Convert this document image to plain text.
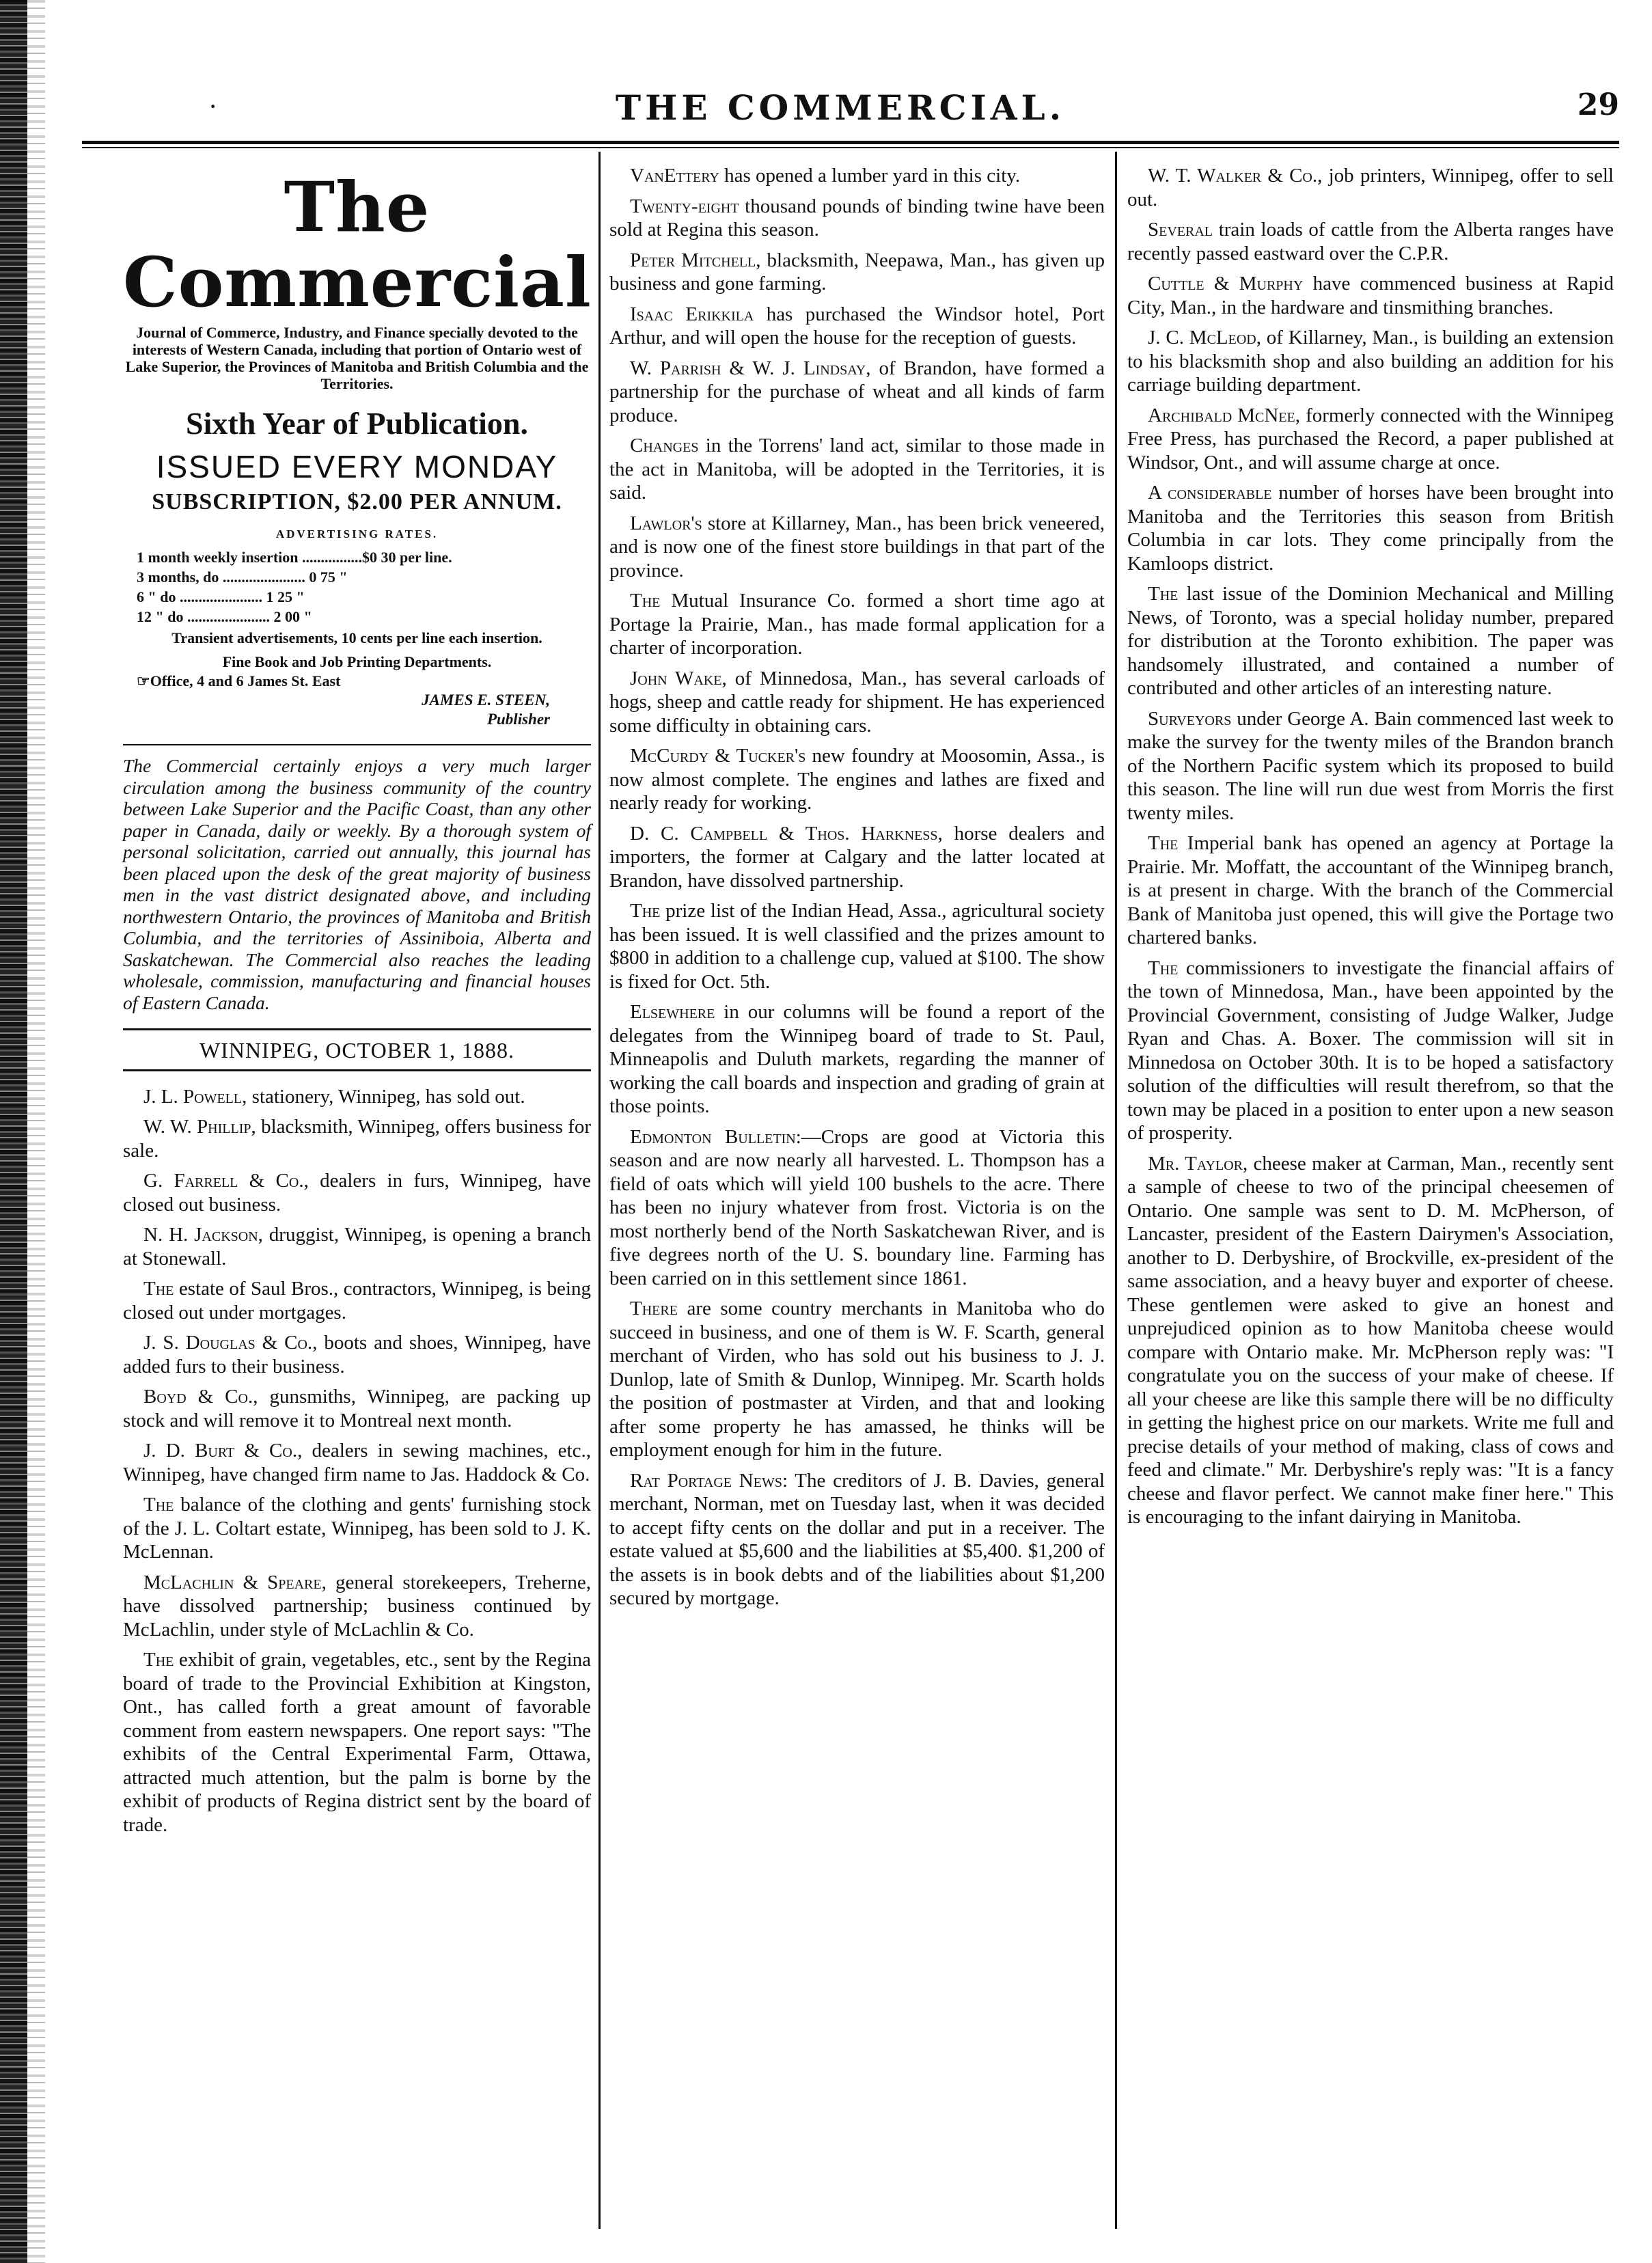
·	THE COMMERCIAL.	29
The Commercial
Journal of Commerce, Industry, and Finance specially devoted to the interests of Western Canada, including that portion of Ontario west of Lake Superior, the Provinces of Manitoba and British Columbia and the Territories.
Sixth Year of Publication.
ISSUED EVERY MONDAY
SUBSCRIPTION, $2.00 PER ANNUM.
ADVERTISING RATES.
1 month weekly insertion ................$0 30 per line.
3 months, do ...................... 0 75 "
6 " do ...................... 1 25 "
12 " do ...................... 2 00 "
Transient advertisements, 10 cents per line each insertion.
Fine Book and Job Printing Departments.
☞Office, 4 and 6 James St. East
JAMES E. STEEN,
Publisher
The Commercial certainly enjoys a very much larger circulation among the business community of the country between Lake Superior and the Pacific Coast, than any other paper in Canada, daily or weekly. By a thorough system of personal solicitation, carried out annually, this journal has been placed upon the desk of the great majority of business men in the vast district designated above, and including northwestern Ontario, the provinces of Manitoba and British Columbia, and the territories of Assiniboia, Alberta and Saskatchewan. The Commercial also reaches the leading wholesale, commission, manufacturing and financial houses of Eastern Canada.
WINNIPEG, OCTOBER 1, 1888.

J. L. Powell, stationery, Winnipeg, has sold out.

W. W. Phillip, blacksmith, Winnipeg, offers business for sale.

G. Farrell & Co., dealers in furs, Winnipeg, have closed out business.

N. H. Jackson, druggist, Winnipeg, is opening a branch at Stonewall.

The estate of Saul Bros., contractors, Winnipeg, is being closed out under mortgages.

J. S. Douglas & Co., boots and shoes, Winnipeg, have added furs to their business.

Boyd & Co., gunsmiths, Winnipeg, are packing up stock and will remove it to Montreal next month.

J. D. Burt & Co., dealers in sewing machines, etc., Winnipeg, have changed firm name to Jas. Haddock & Co.

The balance of the clothing and gents' furnishing stock of the J. L. Coltart estate, Winnipeg, has been sold to J. K. McLennan.

McLachlin & Speare, general storekeepers, Treherne, have dissolved partnership; business continued by McLachlin, under style of McLachlin & Co.

The exhibit of grain, vegetables, etc., sent by the Regina board of trade to the Provincial Exhibition at Kingston, Ont., has called forth a great amount of favorable comment from eastern newspapers. One report says: "The exhibits of the Central Experimental Farm, Ottawa, attracted much attention, but the palm is borne by the exhibit of products of Regina district sent by the board of trade.

VanEttery has opened a lumber yard in this city.

Twenty-eight thousand pounds of binding twine have been sold at Regina this season.

Peter Mitchell, blacksmith, Neepawa, Man., has given up business and gone farming.

Isaac Erikkila has purchased the Windsor hotel, Port Arthur, and will open the house for the reception of guests.

W. Parrish & W. J. Lindsay, of Brandon, have formed a partnership for the purchase of wheat and all kinds of farm produce.

Changes in the Torrens' land act, similar to those made in the act in Manitoba, will be adopted in the Territories, it is said.

Lawlor's store at Killarney, Man., has been brick veneered, and is now one of the finest store buildings in that part of the province.

The Mutual Insurance Co. formed a short time ago at Portage la Prairie, Man., has made formal application for a charter of incorporation.

John Wake, of Minnedosa, Man., has several carloads of hogs, sheep and cattle ready for shipment. He has experienced some difficulty in obtaining cars.

McCurdy & Tucker's new foundry at Moosomin, Assa., is now almost complete. The engines and lathes are fixed and nearly ready for working.

D. C. Campbell & Thos. Harkness, horse dealers and importers, the former at Calgary and the latter located at Brandon, have dissolved partnership.

The prize list of the Indian Head, Assa., agricultural society has been issued. It is well classified and the prizes amount to $800 in addition to a challenge cup, valued at $100. The show is fixed for Oct. 5th.

Elsewhere in our columns will be found a report of the delegates from the Winnipeg board of trade to St. Paul, Minneapolis and Duluth markets, regarding the manner of working the call boards and inspection and grading of grain at those points.

Edmonton Bulletin:—Crops are good at Victoria this season and are now nearly all harvested. L. Thompson has a field of oats which will yield 100 bushels to the acre. There has been no injury whatever from frost. Victoria is on the most northerly bend of the North Saskatchewan River, and is five degrees north of the U. S. boundary line. Farming has been carried on in this settlement since 1861.

There are some country merchants in Manitoba who do succeed in business, and one of them is W. F. Scarth, general merchant of Virden, who has sold out his business to J. J. Dunlop, late of Smith & Dunlop, Winnipeg. Mr. Scarth holds the position of postmaster at Virden, and that and looking after some property he has amassed, he thinks will be employment enough for him in the future.

Rat Portage News: The creditors of J. B. Davies, general merchant, Norman, met on Tuesday last, when it was decided to accept fifty cents on the dollar and put in a receiver. The estate valued at $5,600 and the liabilities at $5,400. $1,200 of the assets is in book debts and of the liabilities about $1,200 secured by mortgage.

W. T. Walker & Co., job printers, Winnipeg, offer to sell out.

Several train loads of cattle from the Alberta ranges have recently passed eastward over the C.P.R.

Cuttle & Murphy have commenced business at Rapid City, Man., in the hardware and tinsmithing branches.

J. C. McLeod, of Killarney, Man., is building an extension to his blacksmith shop and also building an addition for his carriage building department.

Archibald McNee, formerly connected with the Winnipeg Free Press, has purchased the Record, a paper published at Windsor, Ont., and will assume charge at once.

A considerable number of horses have been brought into Manitoba and the Territories this season from British Columbia in car lots. They come principally from the Kamloops district.

The last issue of the Dominion Mechanical and Milling News, of Toronto, was a special holiday number, prepared for distribution at the Toronto exhibition. The paper was handsomely illustrated, and contained a number of contributed and other articles of an interesting nature.

Surveyors under George A. Bain commenced last week to make the survey for the twenty miles of the Brandon branch of the Northern Pacific system which its proposed to build this season. The line will run due west from Morris the first twenty miles.

The Imperial bank has opened an agency at Portage la Prairie. Mr. Moffatt, the accountant of the Winnipeg branch, is at present in charge. With the branch of the Commercial Bank of Manitoba just opened, this will give the Portage two chartered banks.

The commissioners to investigate the financial affairs of the town of Minnedosa, Man., have been appointed by the Provincial Government, consisting of Judge Walker, Judge Ryan and Chas. A. Boxer. The commission will sit in Minnedosa on October 30th. It is to be hoped a satisfactory solution of the difficulties will result therefrom, so that the town may be placed in a position to enter upon a new season of prosperity.

Mr. Taylor, cheese maker at Carman, Man., recently sent a sample of cheese to two of the principal cheesemen of Ontario. One sample was sent to D. M. McPherson, of Lancaster, president of the Eastern Dairymen's Association, another to D. Derbyshire, of Brockville, ex-president of the same association, and a heavy buyer and exporter of cheese. These gentlemen were asked to give an honest and unprejudiced opinion as to how Manitoba cheese would compare with Ontario make. Mr. McPherson reply was: "I congratulate you on the success of your make of cheese. If all your cheese are like this sample there will be no difficulty in getting the highest price on our markets. Write me full and precise details of your method of making, class of cows and feed and climate." Mr. Derbyshire's reply was: "It is a fancy cheese and flavor perfect. We cannot make finer here." This is encouraging to the infant dairying in Manitoba.
